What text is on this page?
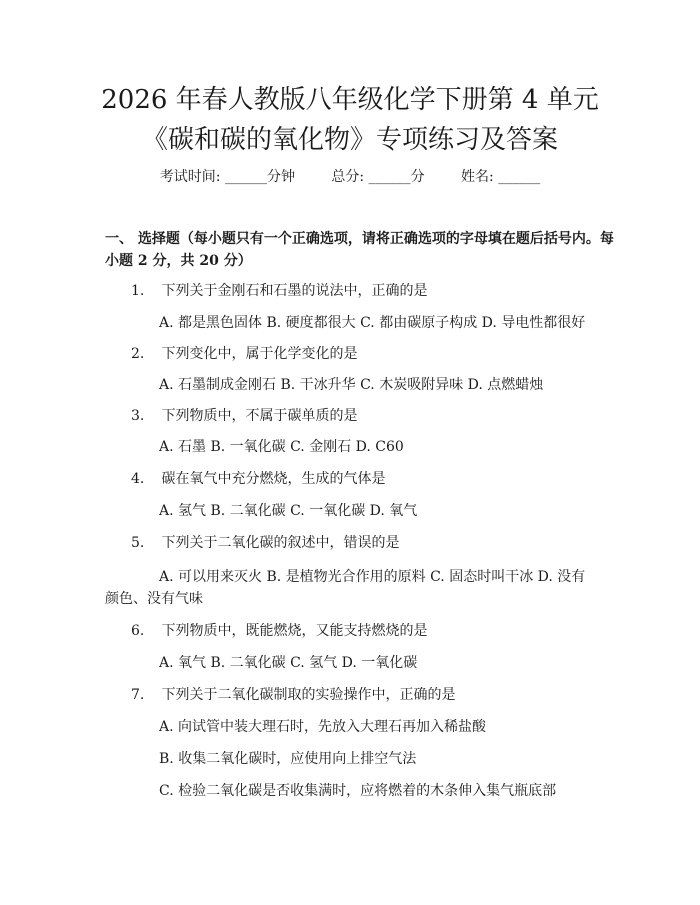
2026 年春人教版八年级化学下册第 4 单元
《碳和碳的氧化物》专项练习及答案
考试时间: ______分钟	总分: ______分	姓名: ______
一、 选择题（每小题只有一个正确选项，请将正确选项的字母填在题后括号内。每小题 2 分，共 20 分）
1. 下列关于金刚石和石墨的说法中，正确的是
A. 都是黑色固体 B. 硬度都很大 C. 都由碳原子构成 D. 导电性都很好
2. 下列变化中，属于化学变化的是
A. 石墨制成金刚石 B. 干冰升华 C. 木炭吸附异味 D. 点燃蜡烛
3. 下列物质中，不属于碳单质的是
A. 石墨 B. 一氧化碳 C. 金刚石 D. C60
4. 碳在氧气中充分燃烧，生成的气体是
A. 氢气 B. 二氧化碳 C. 一氧化碳 D. 氧气
5. 下列关于二氧化碳的叙述中，错误的是
A. 可以用来灭火 B. 是植物光合作用的原料 C. 固态时叫干冰 D. 没有
颜色、没有气味
6. 下列物质中，既能燃烧，又能支持燃烧的是
A. 氧气 B. 二氧化碳 C. 氢气 D. 一氧化碳
7. 下列关于二氧化碳制取的实验操作中，正确的是
A. 向试管中装大理石时，先放入大理石再加入稀盐酸
B. 收集二氧化碳时，应使用向上排空气法
C. 检验二氧化碳是否收集满时，应将燃着的木条伸入集气瓶底部
